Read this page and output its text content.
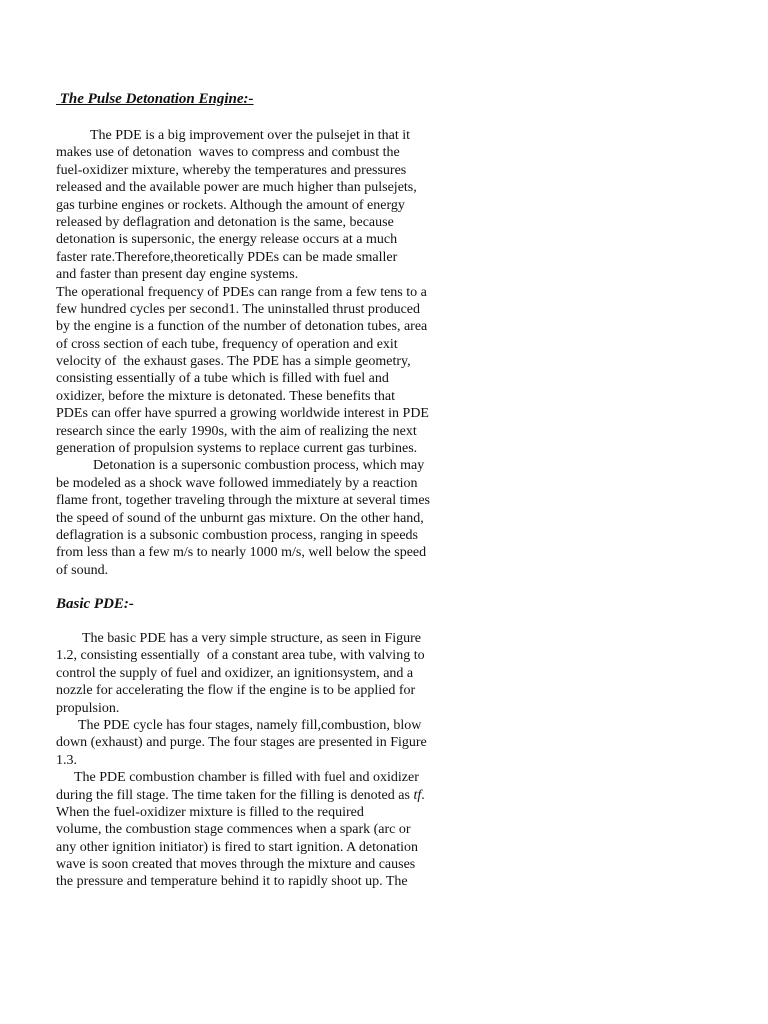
The Pulse Detonation Engine:-
The PDE is a big improvement over the pulsejet in that it
makes use of detonation  waves to compress and combust the
fuel-oxidizer mixture, whereby the temperatures and pressures
released and the available power are much higher than pulsejets,
gas turbine engines or rockets. Although the amount of energy
released by deflagration and detonation is the same, because
detonation is supersonic, the energy release occurs at a much
faster rate.Therefore,theoretically PDEs can be made smaller
and faster than present day engine systems.
The operational frequency of PDEs can range from a few tens to a
few hundred cycles per second1. The uninstalled thrust produced
by the engine is a function of the number of detonation tubes, area
of cross section of each tube, frequency of operation and exit
velocity of  the exhaust gases. The PDE has a simple geometry,
consisting essentially of a tube which is filled with fuel and
oxidizer, before the mixture is detonated. These benefits that
PDEs can offer have spurred a growing worldwide interest in PDE
research since the early 1990s, with the aim of realizing the next
generation of propulsion systems to replace current gas turbines.
Detonation is a supersonic combustion process, which may
be modeled as a shock wave followed immediately by a reaction
flame front, together traveling through the mixture at several times
the speed of sound of the unburnt gas mixture. On the other hand,
deflagration is a subsonic combustion process, ranging in speeds
from less than a few m/s to nearly 1000 m/s, well below the speed
of sound.
Basic PDE:-
The basic PDE has a very simple structure, as seen in Figure
1.2, consisting essentially  of a constant area tube, with valving to
control the supply of fuel and oxidizer, an ignitionsystem, and a
nozzle for accelerating the flow if the engine is to be applied for
propulsion.
The PDE cycle has four stages, namely fill,combustion, blow
down (exhaust) and purge. The four stages are presented in Figure
1.3.
The PDE combustion chamber is filled with fuel and oxidizer
during the fill stage. The time taken for the filling is denoted as tf.
When the fuel-oxidizer mixture is filled to the required
volume, the combustion stage commences when a spark (arc or
any other ignition initiator) is fired to start ignition. A detonation
wave is soon created that moves through the mixture and causes
the pressure and temperature behind it to rapidly shoot up. The
